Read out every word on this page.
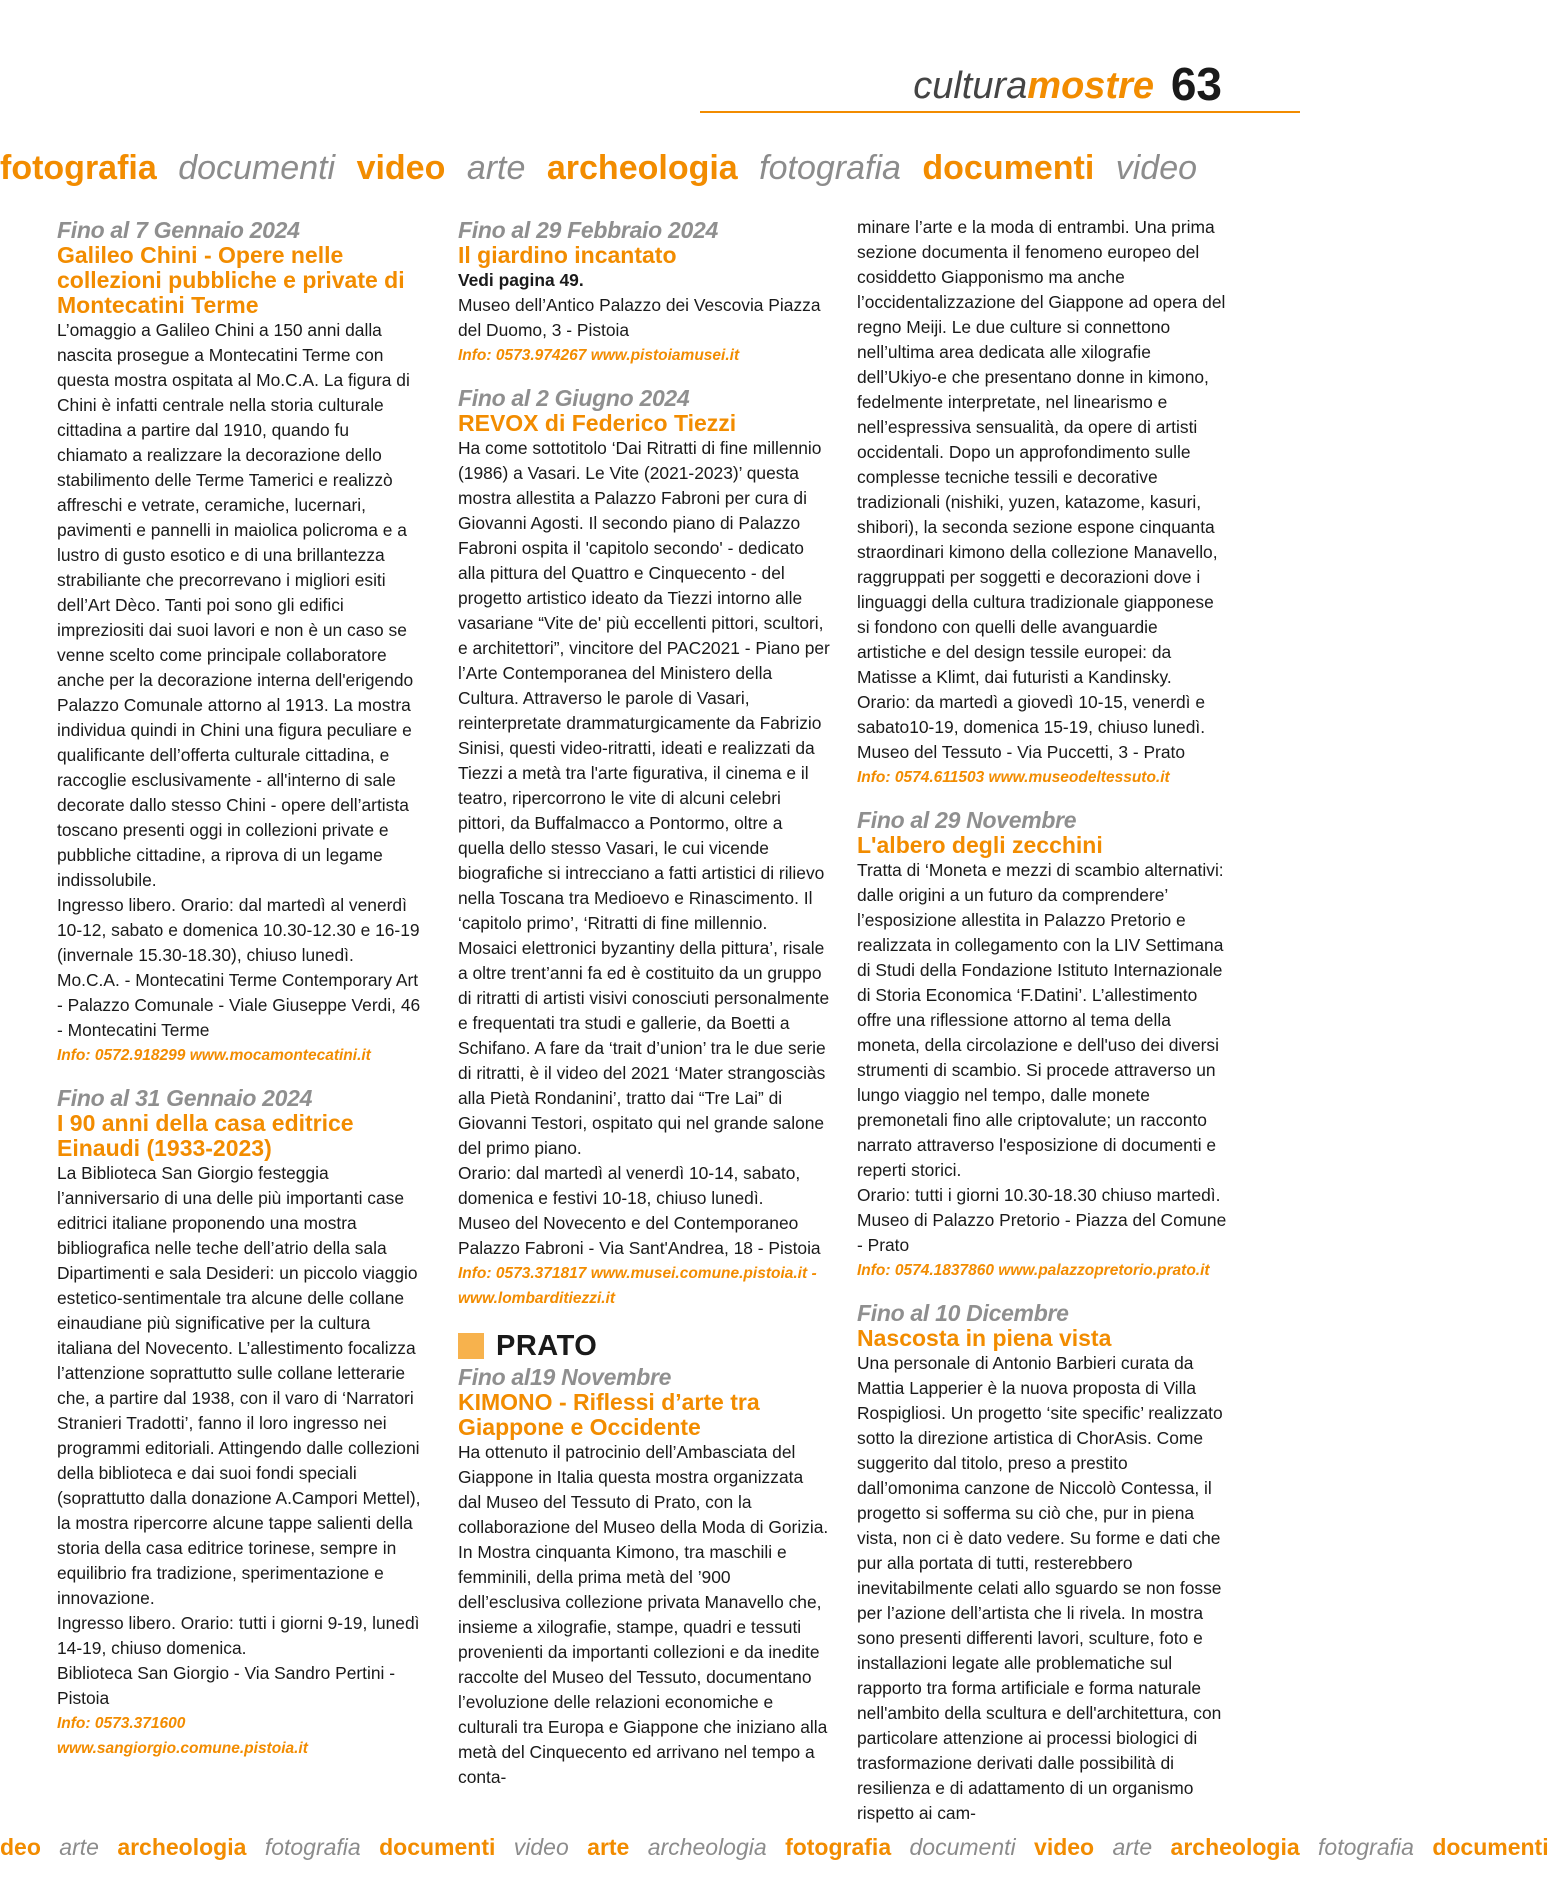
culturamostre 63
fotografia documenti video arte archeologia fotografia documenti video
Fino al 7 Gennaio 2024
Galileo Chini - Opere nelle collezioni pubbliche e private di Montecatini Terme
L’omaggio a Galileo Chini a 150 anni dalla nascita prosegue a Montecatini Terme con questa mostra ospitata al Mo.C.A. La figura di Chini è infatti centrale nella storia culturale cittadina a partire dal 1910, quando fu chiamato a realizzare la decorazione dello stabilimento delle Terme Tamerici e realizzò affreschi e vetrate, ceramiche, lucernari, pavimenti e pannelli in maiolica policroma e a lustro di gusto esotico e di una brillantezza strabiliante che precorrevano i migliori esiti dell’Art Dèco. Tanti poi sono gli edifici impreziositi dai suoi lavori e non è un caso se venne scelto come principale collaboratore anche per la decorazione interna dell'erigendo Palazzo Comunale attorno al 1913. La mostra individua quindi in Chini una figura peculiare e qualificante dell’offerta culturale cittadina, e raccoglie esclusivamente - all'interno di sale decorate dallo stesso Chini - opere dell’artista toscano presenti oggi in collezioni private e pubbliche cittadine, a riprova di un legame indissolubile.
Ingresso libero. Orario: dal martedì al venerdì 10-12, sabato e domenica 10.30-12.30 e 16-19 (invernale 15.30-18.30), chiuso lunedì.
Mo.C.A. - Montecatini Terme Contemporary Art - Palazzo Comunale - Viale Giuseppe Verdi, 46 - Montecatini Terme
Info: 0572.918299 www.mocamontecatini.it
Fino al 31 Gennaio 2024
I 90 anni della casa editrice Einaudi (1933-2023)
La Biblioteca San Giorgio festeggia l’anniversario di una delle più importanti case editrici italiane proponendo una mostra bibliografica nelle teche dell’atrio della sala Dipartimenti e sala Desideri: un piccolo viaggio estetico-sentimentale tra alcune delle collane einaudiane più significative per la cultura italiana del Novecento. L’allestimento focalizza l’attenzione soprattutto sulle collane letterarie che, a partire dal 1938, con il varo di ‘Narratori Stranieri Tradotti’, fanno il loro ingresso nei programmi editoriali. Attingendo dalle collezioni della biblioteca e dai suoi fondi speciali (soprattutto dalla donazione A.Campori Mettel), la mostra ripercorre alcune tappe salienti della storia della casa editrice torinese, sempre in equilibrio fra tradizione, sperimentazione e innovazione.
Ingresso libero. Orario: tutti i giorni 9-19, lunedì 14-19, chiuso domenica.
Biblioteca San Giorgio - Via Sandro Pertini - Pistoia
Info: 0573.371600 www.sangiorgio.comune.pistoia.it
Fino al 29 Febbraio 2024
Il giardino incantato
Vedi pagina 49.
Museo dell’Antico Palazzo dei Vescovia Piazza del Duomo, 3 - Pistoia
Info: 0573.974267 www.pistoiamusei.it
Fino al 2 Giugno 2024
REVOX di Federico Tiezzi
Ha come sottotitolo ‘Dai Ritratti di fine millennio (1986) a Vasari. Le Vite (2021-2023)’ questa mostra allestita a Palazzo Fabroni per cura di Giovanni Agosti. Il secondo piano di Palazzo Fabroni ospita il 'capitolo secondo' - dedicato alla pittura del Quattro e Cinquecento - del progetto artistico ideato da Tiezzi intorno alle vasariane “Vite de' più eccellenti pittori, scultori, e architettori”, vincitore del PAC2021 - Piano per l’Arte Contemporanea del Ministero della Cultura. Attraverso le parole di Vasari, reinterpretate drammaturgicamente da Fabrizio Sinisi, questi video-ritratti, ideati e realizzati da Tiezzi a metà tra l'arte figurativa, il cinema e il teatro, ripercorrono le vite di alcuni celebri pittori, da Buffalmacco a Pontormo, oltre a quella dello stesso Vasari, le cui vicende biografiche si intrecciano a fatti artistici di rilievo nella Toscana tra Medioevo e Rinascimento. Il ‘capitolo primo’, ‘Ritratti di fine millennio. Mosaici elettronici byzantiny della pittura’, risale a oltre trent’anni fa ed è costituito da un gruppo di ritratti di artisti visivi conosciuti personalmente e frequentati tra studi e gallerie, da Boetti a Schifano. A fare da ‘trait d’union’ tra le due serie di ritratti, è il video del 2021 ‘Mater strangosciàs alla Pietà Rondanini’, tratto dai “Tre Lai” di Giovanni Testori, ospitato qui nel grande salone del primo piano.
Orario: dal martedì al venerdì 10-14, sabato, domenica e festivi 10-18, chiuso lunedì.
Museo del Novecento e del Contemporaneo Palazzo Fabroni - Via Sant'Andrea, 18 - Pistoia
Info: 0573.371817 www.musei.comune.pistoia.it - www.lombarditiezzi.it
PRATO
Fino al19 Novembre
KIMONO - Riflessi d’arte tra Giappone e Occidente
Ha ottenuto il patrocinio dell’Ambasciata del Giappone in Italia questa mostra organizzata dal Museo del Tessuto di Prato, con la collaborazione del Museo della Moda di Gorizia. In Mostra cinquanta Kimono, tra maschili e femminili, della prima metà del ’900 dell’esclusiva collezione privata Manavello che, insieme a xilografie, stampe, quadri e tessuti provenienti da importanti collezioni e da inedite raccolte del Museo del Tessuto, documentano l’evoluzione delle relazioni economiche e culturali tra Europa e Giappone che iniziano alla metà del Cinquecento ed arrivano nel tempo a conta-
minare l’arte e la moda di entrambi. Una prima sezione documenta il fenomeno europeo del cosiddetto Giapponismo ma anche l’occidentalizzazione del Giappone ad opera del regno Meiji. Le due culture si connettono nell’ultima area dedicata alle xilografie dell’Ukiyo-e che presentano donne in kimono, fedelmente interpretate, nel linearismo e nell’espressiva sensualità, da opere di artisti occidentali. Dopo un approfondimento sulle complesse tecniche tessili e decorative tradizionali (nishiki, yuzen, katazome, kasuri, shibori), la seconda sezione espone cinquanta straordinari kimono della collezione Manavello, raggruppati per soggetti e decorazioni dove i linguaggi della cultura tradizionale giapponese si fondono con quelli delle avanguardie artistiche e del design tessile europei: da Matisse a Klimt, dai futuristi a Kandinsky.
Orario: da martedì a giovedì 10-15, venerdì e sabato10-19, domenica 15-19, chiuso lunedì.
Museo del Tessuto - Via Puccetti, 3 - Prato
Info: 0574.611503 www.museodeltessuto.it
Fino al 29 Novembre
L'albero degli zecchini
Tratta di ‘Moneta e mezzi di scambio alternativi: dalle origini a un futuro da comprendere’ l’esposizione allestita in Palazzo Pretorio e realizzata in collegamento con la LIV Settimana di Studi della Fondazione Istituto Internazionale di Storia Economica ‘F.Datini’. L’allestimento offre una riflessione attorno al tema della moneta, della circolazione e dell'uso dei diversi strumenti di scambio. Si procede attraverso un lungo viaggio nel tempo, dalle monete premonetali fino alle criptovalute; un racconto narrato attraverso l'esposizione di documenti e reperti storici.
Orario: tutti i giorni 10.30-18.30 chiuso martedì.
Museo di Palazzo Pretorio - Piazza del Comune - Prato
Info: 0574.1837860 www.palazzopretorio.prato.it
Fino al 10 Dicembre
Nascosta in piena vista
Una personale di Antonio Barbieri curata da Mattia Lapperier è la nuova proposta di Villa Rospigliosi. Un progetto ‘site specific’ realizzato sotto la direzione artistica di ChorAsis. Come suggerito dal titolo, preso a prestito dall’omonima canzone de Niccolò Contessa, il progetto si sofferma su ciò che, pur in piena vista, non ci è dato vedere. Su forme e dati che pur alla portata di tutti, resterebbero inevitabilmente celati allo sguardo se non fosse per l’azione dell’artista che li rivela. In mostra sono presenti differenti lavori, sculture, foto e installazioni legate alle problematiche sul rapporto tra forma artificiale e forma naturale nell'ambito della scultura e dell'architettura, con particolare attenzione ai processi biologici di trasformazione derivati dalle possibilità di resilienza e di adattamento di un organismo rispetto ai cam-
deo arte archeologia fotografia documenti video arte archeologia fotografia documenti video arte archeologia fotografia documenti
